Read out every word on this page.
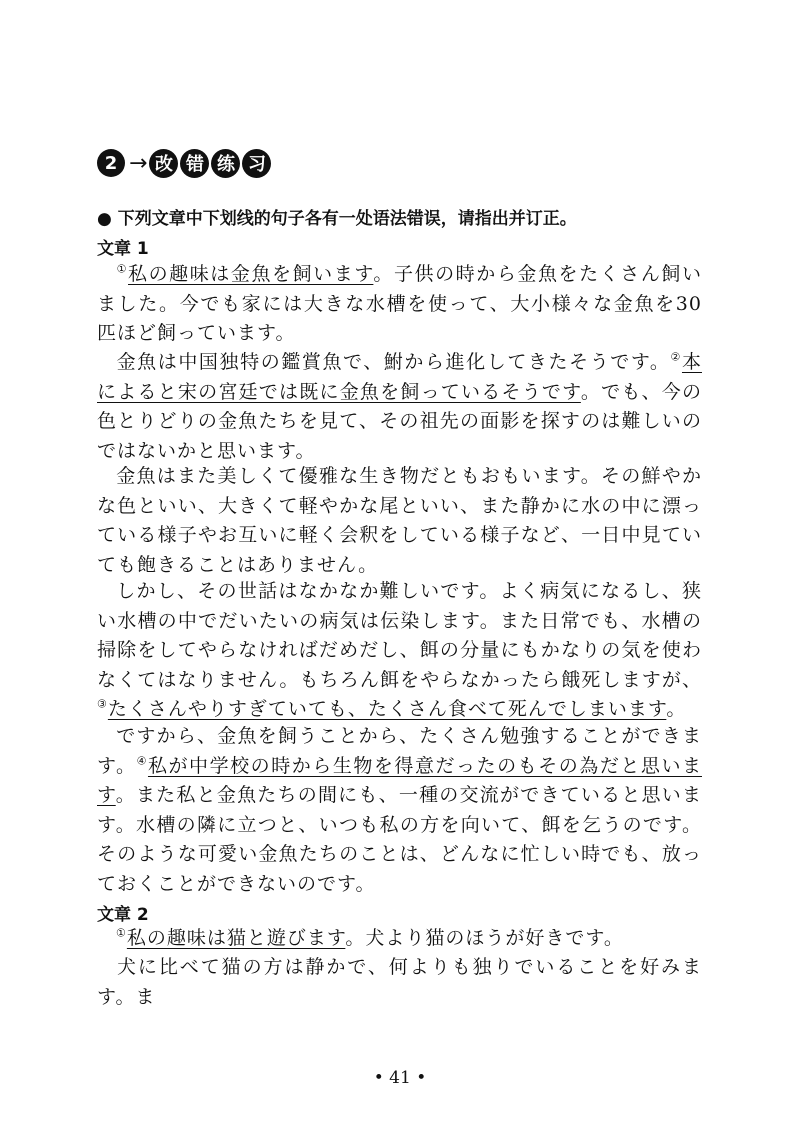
2 → 改 错 练 习
● 下列文章中下划线的句子各有一处语法错误，请指出并订正。
文章 1

①私の趣味は金魚を飼います。子供の時から金魚をたくさん飼いました。今でも家には大きな水槽を使って、大小様々な金魚を30 匹ほど飼っています。

金魚は中国独特の鑑賞魚で、鮒から進化してきたそうです。②本によると宋の宮廷では既に金魚を飼っているそうです。でも、今の色とりどりの金魚たちを見て、その祖先の面影を探すのは難しいのではないかと思います。

金魚はまた美しくて優雅な生き物だともおもいます。その鮮やかな色といい、大きくて軽やかな尾といい、また静かに水の中に漂っている様子やお互いに軽く会釈をしている様子など、一日中見ていても飽きることはありません。

しかし、その世話はなかなか難しいです。よく病気になるし、狭い水槽の中でだいたいの病気は伝染します。また日常でも、水槽の掃除をしてやらなければだめだし、餌の分量にもかなりの気を使わなくてはなりません。もちろん餌をやらなかったら餓死しますが、③たくさんやりすぎていても、たくさん食べて死んでしまいます。

ですから、金魚を飼うことから、たくさん勉強することができます。④私が中学校の時から生物を得意だったのもその為だと思います。また私と金魚たちの間にも、一種の交流ができていると思います。水槽の隣に立つと、いつも私の方を向いて、餌を乞うのです。そのような可愛い金魚たちのことは、どんなに忙しい時でも、放っておくことができないのです。

文章 2

①私の趣味は猫と遊びます。犬より猫のほうが好きです。

犬に比べて猫の方は静かで、何よりも独りでいることを好みます。ま

• 41 •
